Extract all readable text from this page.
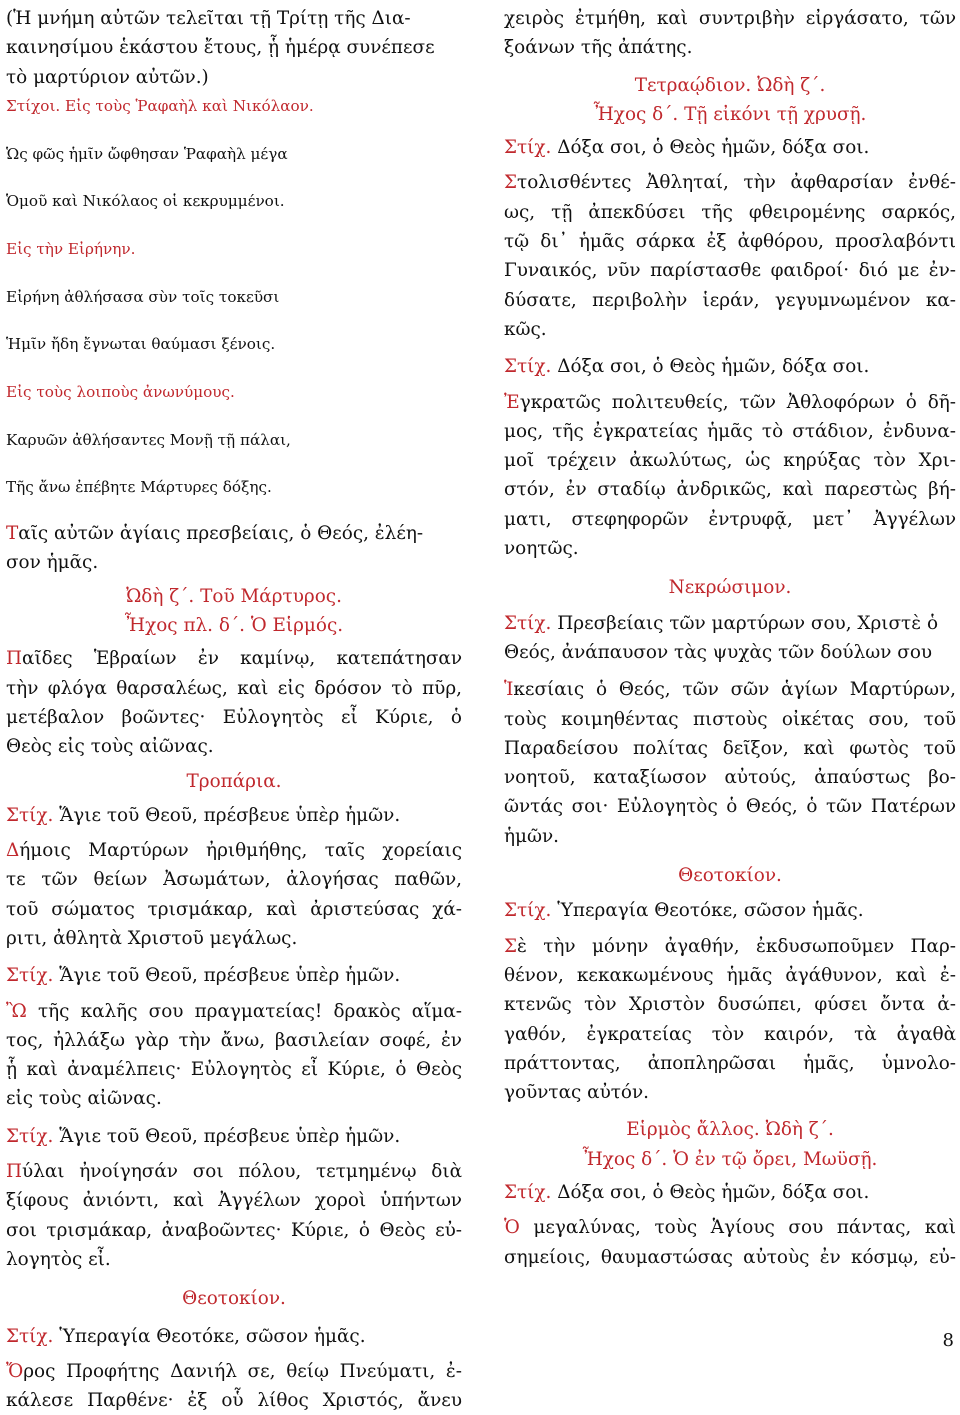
(Ἡ μνήμη αὐτῶν τελεῖται τῇ Τρίτῃ τῆς Δια-

καινησίμου ἑκάστου ἔτους, ᾗ ἡμέρᾳ συνέπεσε

τὸ μαρτύριον αὐτῶν.)

Στίχοι. Εἰς τοὺς Ῥαφαὴλ καὶ Νικόλαον.

Ὡς φῶς ἡμῖν ὤφθησαν Ῥαφαὴλ μέγα

Ὁμοῦ καὶ Νικόλαος οἱ κεκρυμμένοι.

Εἰς τὴν Εἰρήνην.

Εἰρήνη ἀθλήσασα σὺν τοῖς τοκεῦσι

Ἡμῖν ἤδη ἔγνωται θαύμασι ξένοις.

Εἰς τοὺς λοιποὺς ἀνωνύμους.

Καρυῶν ἀθλήσαντες Μονῇ τῇ πάλαι,

Τῆς ἄνω ἐπέβητε Μάρτυρες δόξης.

Ταῖς αὐτῶν ἁγίαις πρεσβείαις, ὁ Θεός, ἐλέη-

σον ἡμᾶς.

Ὠδὴ ζ΄. Τοῦ Μάρτυρος.

Ἦχος πλ. δ΄. Ὁ Εἱρμός.

Παῖδες Ἑβραίων ἐν καμίνῳ, κατεπάτησαν

τὴν φλόγα θαρσαλέως, καὶ εἰς δρόσον τὸ πῦρ,

μετέβαλον βοῶντες· Εὐλογητὸς εἶ Κύριε, ὁ

Θεὸς εἰς τοὺς αἰῶνας.

Τροπάρια.

Στίχ. Ἅγιε τοῦ Θεοῦ, πρέσβευε ὑπὲρ ἡμῶν.

Δήμοις Μαρτύρων ἠριθμήθης, ταῖς χορείαις

τε τῶν θείων Ἀσωμάτων, ἀλογήσας παθῶν,

τοῦ σώματος τρισμάκαρ, καὶ ἀριστεύσας χά-

ριτι, ἀθλητὰ Χριστοῦ μεγάλως.

Στίχ. Ἅγιε τοῦ Θεοῦ, πρέσβευε ὑπὲρ ἡμῶν.

Ὢ τῆς καλῆς σου πραγματείας! δρακὸς αἵμα-

τος, ἠλλάξω γὰρ τὴν ἄνω, βασιλείαν σοφέ, ἐν

ᾗ καὶ ἀναμέλπεις· Εὐλογητὸς εἶ Κύριε, ὁ Θεὸς

εἰς τοὺς αἰῶνας.

Στίχ. Ἅγιε τοῦ Θεοῦ, πρέσβευε ὑπὲρ ἡμῶν.

Πύλαι ἠνοίγησάν σοι πόλου, τετμημένῳ διὰ

ξίφους ἀνιόντι, καὶ Ἀγγέλων χοροὶ ὑπήντων

σοι τρισμάκαρ, ἀναβοῶντες· Κύριε, ὁ Θεὸς εὐ-

λογητὸς εἶ.

Θεοτοκίον.

Στίχ. Ὑπεραγία Θεοτόκε, σῶσον ἡμᾶς.

Ὄρος Προφήτης Δανιήλ σε, θείῳ Πνεύματι, ἐ-

κάλεσε Παρθένε· ἐξ οὗ λίθος Χριστός, ἄνευ

χειρὸς ἐτμήθη, καὶ συντριβὴν εἰργάσατο, τῶν

ξοάνων τῆς ἀπάτης.

Τετραῴδιον. Ὠδὴ ζ΄.

Ἦχος δ΄. Τῇ εἰκόνι τῇ χρυσῇ.

Στίχ. Δόξα σοι, ὁ Θεὸς ἡμῶν, δόξα σοι.

Στολισθέντες Ἀθληταί, τὴν ἀφθαρσίαν ἐνθέ-

ως, τῇ ἀπεκδύσει τῆς φθειρομένης σαρκός,

τῷ δι᾿ ἡμᾶς σάρκα ἐξ ἀφθόρου, προσλαβόντι

Γυναικός, νῦν παρίστασθε φαιδροί· διό με ἐν-

δύσατε, περιβολὴν ἱεράν, γεγυμνωμένον κα-

κῶς.

Στίχ. Δόξα σοι, ὁ Θεὸς ἡμῶν, δόξα σοι.

Ἐγκρατῶς πολιτευθείς, τῶν Ἀθλοφόρων ὁ δῆ-

μος, τῆς ἐγκρατείας ἡμᾶς τὸ στάδιον, ἐνδυνα-

μοῖ τρέχειν ἀκωλύτως, ὡς κηρύξας τὸν Χρι-

στόν, ἐν σταδίῳ ἀνδρικῶς, καὶ παρεστὼς βή-

ματι, στεφηφορῶν ἐντρυφᾷ, μετ᾿ Ἀγγέλων

νοητῶς.

Νεκρώσιμον.

Στίχ. Πρεσβείαις τῶν μαρτύρων σου, Χριστὲ ὁ

Θεός, ἀνάπαυσον τὰς ψυχὰς τῶν δούλων σου

Ἱκεσίαις ὁ Θεός, τῶν σῶν ἁγίων Μαρτύρων,

τοὺς κοιμηθέντας πιστοὺς οἰκέτας σου, τοῦ

Παραδείσου πολίτας δεῖξον, καὶ φωτὸς τοῦ

νοητοῦ, καταξίωσον αὐτούς, ἀπαύστως βο-

ῶντάς σοι· Εὐλογητὸς ὁ Θεός, ὁ τῶν Πατέρων

ἡμῶν.

Θεοτοκίον.

Στίχ. Ὑπεραγία Θεοτόκε, σῶσον ἡμᾶς.

Σὲ τὴν μόνην ἀγαθήν, ἐκδυσωποῦμεν Παρ-

θένον, κεκακωμένους ἡμᾶς ἀγάθυνον, καὶ ἐ-

κτενῶς τὸν Χριστὸν δυσώπει, φύσει ὄντα ἀ-

γαθόν, ἐγκρατείας τὸν καιρόν, τὰ ἀγαθὰ

πράττοντας, ἀποπληρῶσαι ἡμᾶς, ὑμνολο-

γοῦντας αὐτόν.

Εἱρμὸς ἄλλος. Ὠδὴ ζ΄.

Ἦχος δ΄. Ὁ ἐν τῷ ὄρει, Μωϋσῇ.

Στίχ. Δόξα σοι, ὁ Θεὸς ἡμῶν, δόξα σοι.

Ὁ μεγαλύνας, τοὺς Ἁγίους σου πάντας, καὶ

σημείοις, θαυμαστώσας αὐτοὺς ἐν κόσμῳ, εὐ-

8
